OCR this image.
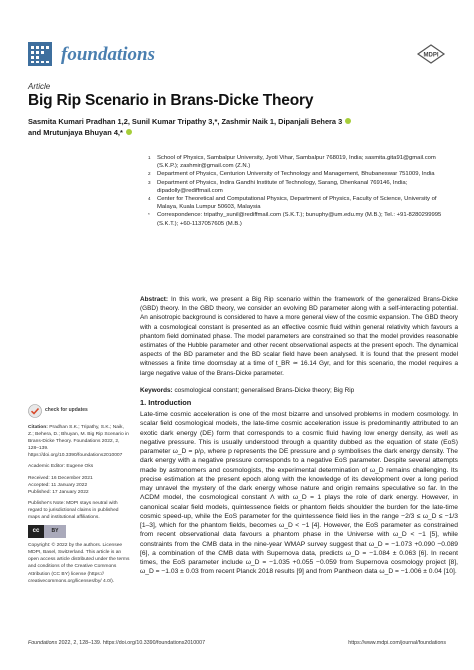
foundations	MDPI
Article
Big Rip Scenario in Brans-Dicke Theory
Sasmita Kumari Pradhan 1,2, Sunil Kumar Tripathy 3,*, Zashmir Naik 1, Dipanjali Behera 3
and Mrutunjaya Bhuyan 4,*
1	School of Physics, Sambalpur University, Jyoti Vihar, Sambalpur 768019, India; sasmita.gita91@gmail.com (S.K.P.); zashmir@gmail.com (Z.N.)
2	Department of Physics, Centurion University of Technology and Management, Bhubaneswar 751009, India
3	Department of Physics, Indira Gandhi Institute of Technology, Sarang, Dhenkanal 769146, India; dipadolly@rediffmail.com
4	Center for Theoretical and Computational Physics, Department of Physics, Faculty of Science, University of Malaya, Kuala Lumpur 50603, Malaysia
*	Correspondence: tripathy_sunil@rediffmail.com (S.K.T.); bunuphy@um.edu.my (M.B.); Tel.: +91-8280299995 (S.K.T.); +60-1137057605 (M.B.)
Abstract: In this work, we present a Big Rip scenario within the framework of the generalized Brans-Dicke (GBD) theory. In the GBD theory, we consider an evolving BD parameter along with a self-interacting potential. An anisotropic background is considered to have a more general view of the cosmic expansion. The GBD theory with a cosmological constant is presented as an effective cosmic fluid within general relativity which favours a phantom field dominated phase. The model parameters are constrained so that the model provides reasonable estimates of the Hubble parameter and other recent observational aspects at the present epoch. The dynamical aspects of the BD parameter and the BD scalar field have been analysed. It is found that the present model witnesses a finite time doomsday at a time of t_BR ≃ 16.14 Gyr, and for this scenario, the model requires a large negative value of the Brans-Dicke parameter.
Keywords: cosmological constant; generalised Brans-Dicke theory; Big Rip
check for updates
Citation: Pradhan S.K.; Tripathy, S.K.; Naik, Z.; Behera, D.; Bhuyan, M. Big Rip Scenario in Brans-Dicke Theory. Foundations 2022, 2, 128–139. https://doi.org/10.3390/foundations2010007
Academic Editor: Eugene Oks
Received: 16 December 2021
Accepted: 11 January 2022
Published: 17 January 2022
Publisher's Note: MDPI stays neutral with regard to jurisdictional claims in published maps and institutional affiliations.
cc	BY
Copyright: © 2022 by the authors. Licensee MDPI, Basel, Switzerland. This article is an open access article distributed under the terms and conditions of the Creative Commons Attribution (CC BY) license (https:// creativecommons.org/licenses/by/ 4.0/).
1. Introduction
Late-time cosmic acceleration is one of the most bizarre and unsolved problems in modern cosmology. In scalar field cosmological models, the late-time cosmic acceleration issue is predominantly attributed to an exotic dark energy (DE) form that corresponds to a cosmic fluid having low energy density, as well as negative pressure. This is usually understood through a quantity dubbed as the equation of state (EoS) parameter ω_D = p/ρ, where p represents the DE pressure and ρ symbolises the dark energy density. The dark energy with a negative pressure corresponds to a negative EoS parameter. Despite several attempts made by astronomers and cosmologists, the experimental determination of ω_D remains challenging. Its precise estimation at the present epoch along with the knowledge of its development over a long period may unravel the mystery of the dark energy whose nature and origin remains speculative so far. In the ΛCDM model, the cosmological constant Λ with ω_D = 1 plays the role of dark energy. However, in canonical scalar field models, quintessence fields or phantom fields shoulder the burden for the late-time cosmic speed-up, while the EoS parameter for the quintessence field lies in the range −2/3 ≤ ω_D ≤ −1/3 [1–3], which for the phantom fields, becomes ω_D < −1 [4]. However, the EoS parameter as constrained from recent observational data favours a phantom phase in the Universe with ω_D < −1 [5], while constraints from the CMB data in the nine-year WMAP survey suggest that ω_D = −1.073 +0.090 −0.089 [6], a combination of the CMB data with Supernova data, predicts ω_D = −1.084 ± 0.063 [6]. In recent times, the EoS parameter include ω_D = −1.035 +0.055 −0.059 from Supernova cosmology project [8], ω_D = −1.03 ± 0.03 from recent Planck 2018 results [9] and from Pantheon data ω_D = −1.006 ± 0.04 [10].
Foundations 2022, 2, 128–139. https://doi.org/10.3390/foundations2010007	https://www.mdpi.com/journal/foundations
